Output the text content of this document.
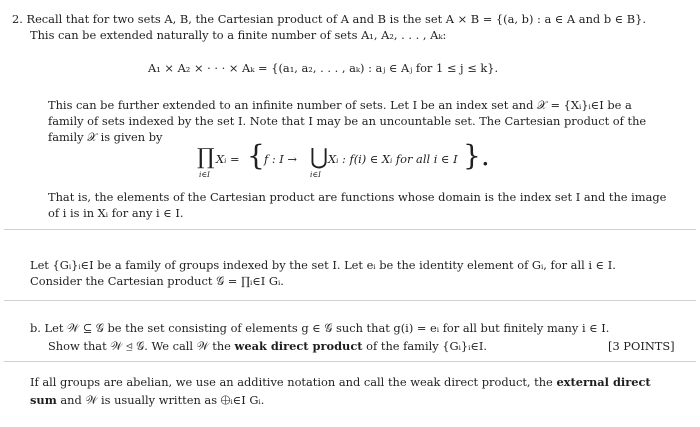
2. Recall that for two sets A, B, the Cartesian product of A and B is the set A × B = {(a, b) : a ∈ A and b ∈ B}.
This can be extended naturally to a finite number of sets A₁, A₂, . . . , Aₖ:
A₁ × A₂ × · · · × Aₖ = {(a₁, a₂, . . . , aₖ) : aⱼ ∈ Aⱼ for 1 ≤ j ≤ k}.
This can be further extended to an infinite number of sets. Let I be an index set and 𝒳 = {Xᵢ}ᵢ∈I be a
family of sets indexed by the set I. Note that I may be an uncountable set. The Cartesian product of the
family 𝒳 is given by
∏
i∈I
Xᵢ = { f : I → ⋃
i∈I
Xᵢ : f(i) ∈ Xᵢ for all i ∈ I }.
That is, the elements of the Cartesian product are functions whose domain is the index set I and the image
of i is in Xᵢ for any i ∈ I.
Let {Gᵢ}ᵢ∈I be a family of groups indexed by the set I. Let eᵢ be the identity element of Gᵢ, for all i ∈ I.
Consider the Cartesian product 𝒢 = ∏ᵢ∈I Gᵢ.
b. Let 𝒲 ⊆ 𝒢 be the set consisting of elements g ∈ 𝒢 such that g(i) = eᵢ for all but finitely many i ∈ I.
Show that 𝒲 ⊴ 𝒢. We call 𝒲 the weak direct product of the family {Gᵢ}ᵢ∈I.	[3 POINTS]
If all groups are abelian, we use an additive notation and call the weak direct product, the external direct
sum and 𝒲 is usually written as ⨁ᵢ∈I Gᵢ.
